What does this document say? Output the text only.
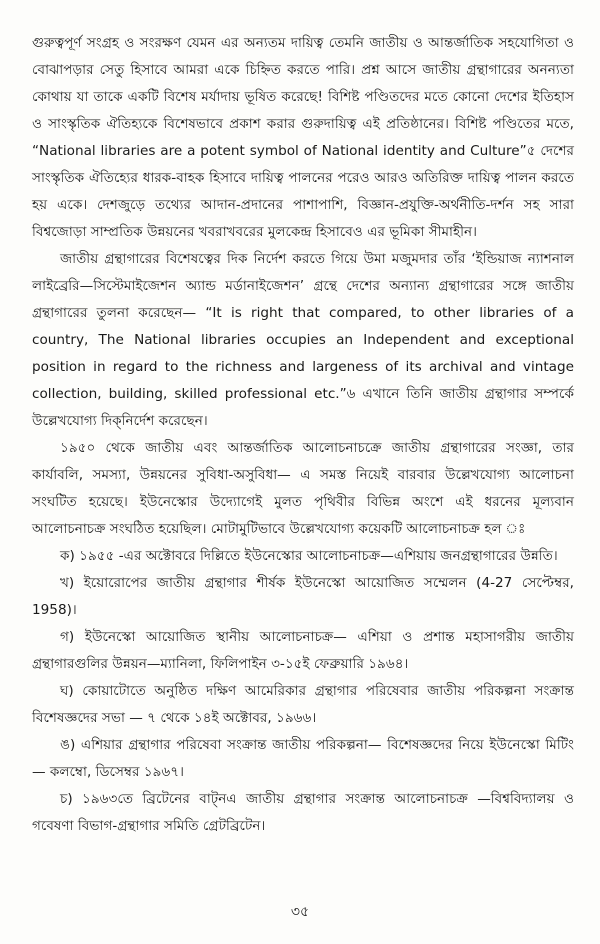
গুরুত্বপূর্ণ সংগ্রহ ও সংরক্ষণ যেমন এর অন্যতম দায়িত্ব তেমনি জাতীয় ও আন্তর্জাতিক সহযোগিতা ও বোঝাপড়ার সেতু হিসাবে আমরা একে চিহ্নিত করতে পারি। প্রশ্ন আসে জাতীয় গ্রন্থাগারের অনন্যতা কোথায় যা তাকে একটি বিশেষ মর্যাদায় ভূষিত করেছে! বিশিষ্ট পণ্ডিতদের মতে কোনো দেশের ইতিহাস ও সাংস্কৃতিক ঐতিহ্যকে বিশেষভাবে প্রকাশ করার গুরুদায়িত্ব এই প্রতিষ্ঠানের। বিশিষ্ট পণ্ডিতের মতে, “National libraries are a potent symbol of National identity and Culture”৫ দেশের সাংস্কৃতিক ঐতিহ্যের ধারক-বাহক হিসাবে দায়িত্ব পালনের পরেও আরও অতিরিক্ত দায়িত্ব পালন করতে হয় একে। দেশজুড়ে তথ্যের আদান-প্রদানের পাশাপাশি, বিজ্ঞান-প্রযুক্তি-অর্থনীতি-দর্শন সহ সারা বিশ্বজোড়া সাম্প্রতিক উন্নয়নের খবরাখবরের মুলকেন্দ্র হিসাবেও এর ভূমিকা সীমাহীন।

জাতীয় গ্রন্থাগারের বিশেষত্বের দিক নির্দেশ করতে গিয়ে উমা মজুমদার তাঁর ‘ইন্ডিয়াজ ন্যাশনাল লাইব্রেরি—সিস্টেমাইজেশন অ্যান্ড মর্ডানাইজেশন’ গ্রন্থে দেশের অন্যান্য গ্রন্থাগারের সঙ্গে জাতীয় গ্রন্থাগারের তুলনা করেছেন— “It is right that compared, to other libraries of a country, The National libraries occupies an Independent and exceptional position in regard to the richness and largeness of its archival and vintage collection, building, skilled professional etc.”৬ এখানে তিনি জাতীয় গ্রন্থাগার সম্পর্কে উল্লেখযোগ্য দিক্‌নির্দেশ করেছেন।

১৯৫০ থেকে জাতীয় এবং আন্তর্জাতিক আলোচনাচক্রে জাতীয় গ্রন্থাগারের সংজ্ঞা, তার কার্যাবলি, সমস্যা, উন্নয়নের সুবিধা-অসুবিধা— এ সমস্ত নিয়েই বারবার উল্লেখযোগ্য আলোচনা সংঘটিত হয়েছে। ইউনেস্কোর উদ্যোগেই মুলত পৃথিবীর বিভিন্ন অংশে এই ধরনের মূল্যবান আলোচনাচক্র সংঘঠিত হয়েছিল। মোটামুটিভাবে উল্লেখযোগ্য কয়েকটি আলোচনাচক্র হল ঃ

ক) ১৯৫৫ -এর অক্টোবরে দিল্লিতে ইউনেস্কোর আলোচনাচক্র—এশিয়ায় জনগ্রন্থাগারের উন্নতি।

খ) ইয়োরোপের জাতীয় গ্রন্থাগার শীর্ষক ইউনেস্কো আয়োজিত সম্মেলন (4-27 সেপ্টেম্বর, 1958)।

গ) ইউনেস্কো আয়োজিত স্থানীয় আলোচনাচক্র— এশিয়া ও প্রশান্ত মহাসাগরীয় জাতীয় গ্রন্থাগারগুলির উন্নয়ন—ম্যানিলা, ফিলিপাইন ৩-১৫ই ফেব্রুয়ারি ১৯৬৪।

ঘ) কোয়াটোতে অনুষ্ঠিত দক্ষিণ আমেরিকার গ্রন্থাগার পরিষেবার জাতীয় পরিকল্পনা সংক্রান্ত বিশেষজ্ঞদের সভা — ৭ থেকে ১৪ই অক্টোবর, ১৯৬৬।

ঙ) এশিয়ার গ্রন্থাগার পরিষেবা সংক্রান্ত জাতীয় পরিকল্পনা— বিশেষজ্ঞদের নিয়ে ইউনেস্কো মিটিং — কলম্বো, ডিসেম্বর ১৯৬৭।

চ) ১৯৬৩তে ব্রিটেনের বাট্‌নএ জাতীয় গ্রন্থাগার সংক্রান্ত আলোচনাচক্র —বিশ্ববিদ্যালয় ও গবেষণা বিভাগ-গ্রন্থাগার সমিতি গ্রেটব্রিটেন।

৩৫
